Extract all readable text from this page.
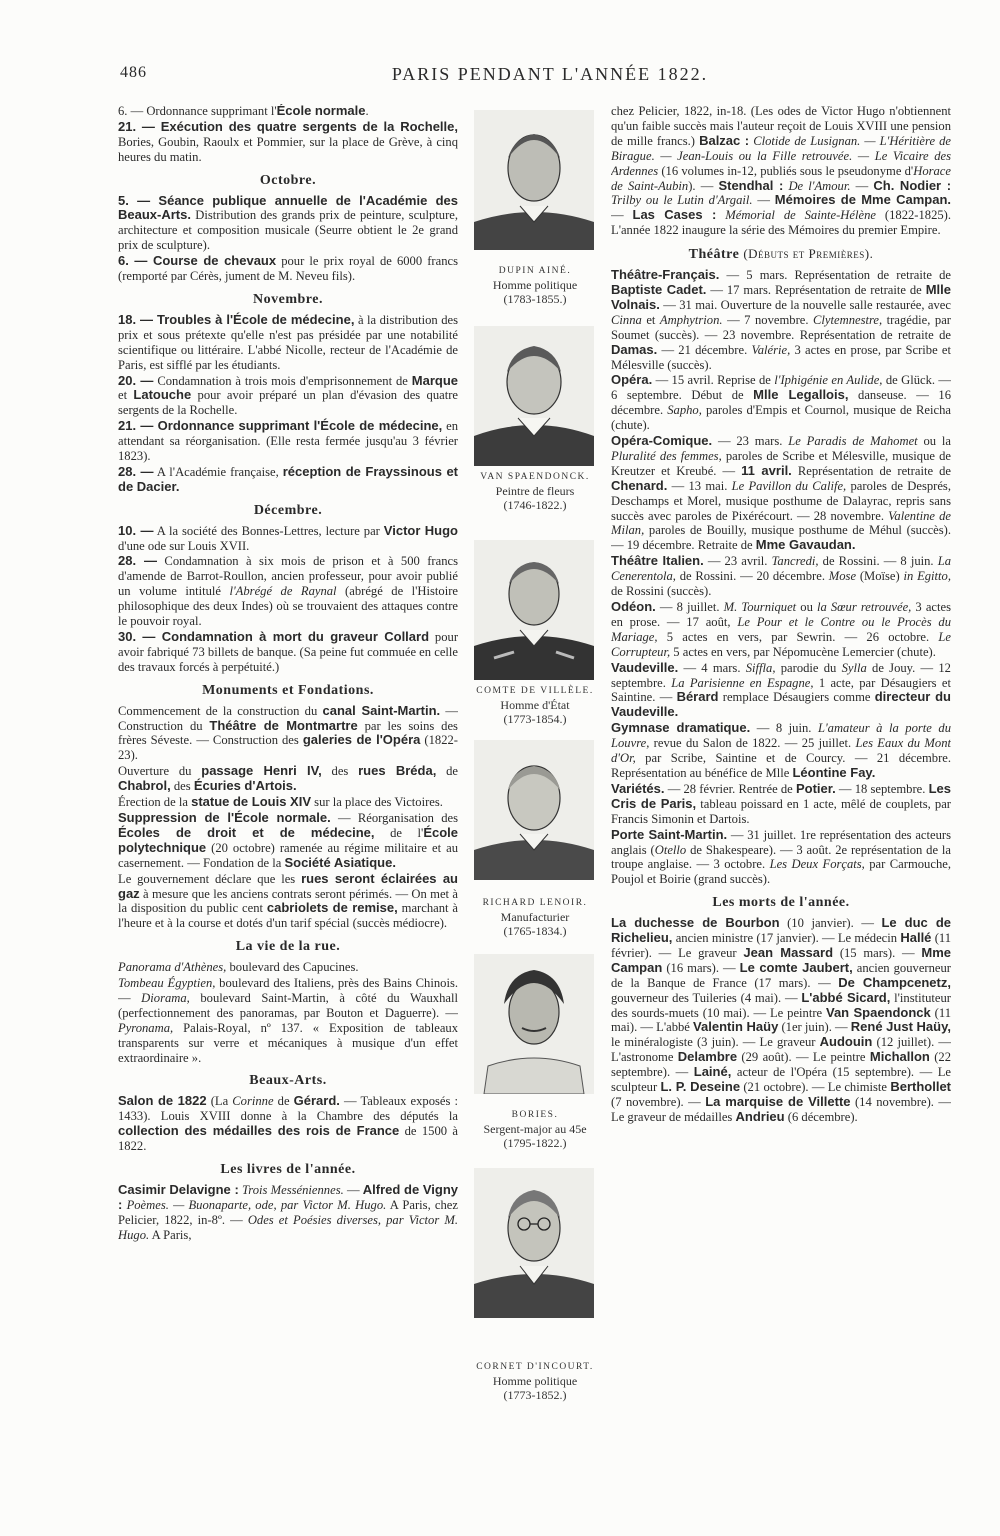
486	PARIS PENDANT L'ANNÉE 1822.

6. — Ordonnance supprimant l'École normale.

21. — Exécution des quatre sergents de la Rochelle, Bories, Goubin, Raoulx et Pommier, sur la place de Grève, à cinq heures du matin.

Octobre.

5. — Séance publique annuelle de l'Académie des Beaux-Arts. Distribution des grands prix de peinture, sculpture, architecture et composition musicale (Seurre obtient le 2e grand prix de sculpture).

6. — Course de chevaux pour le prix royal de 6000 francs (remporté par Cérès, jument de M. Neveu fils).

Novembre.

18. — Troubles à l'École de médecine, à la distribution des prix et sous prétexte qu'elle n'est pas présidée par une notabilité scientifique ou littéraire. L'abbé Nicolle, recteur de l'Académie de Paris, est sifflé par les étudiants.

20. — Condamnation à trois mois d'emprisonnement de Marque et Latouche pour avoir préparé un plan d'évasion des quatre sergents de la Rochelle.

21. — Ordonnance supprimant l'École de médecine, en attendant sa réorganisation. (Elle resta fermée jusqu'au 3 février 1823).

28. — A l'Académie française, réception de Frayssinous et de Dacier.

Décembre.

10. — A la société des Bonnes-Lettres, lecture par Victor Hugo d'une ode sur Louis XVII.

28. — Condamnation à six mois de prison et à 500 francs d'amende de Barrot-Roullon, ancien professeur, pour avoir publié un volume intitulé l'Abrégé de Raynal (abrégé de l'Histoire philosophique des deux Indes) où se trouvaient des attaques contre le pouvoir royal.

30. — Condamnation à mort du graveur Collard pour avoir fabriqué 73 billets de banque. (Sa peine fut commuée en celle des travaux forcés à perpétuité.)

Monuments et Fondations.

Commencement de la construction du canal Saint-Martin. — Construction du Théâtre de Montmartre par les soins des frères Séveste. — Construction des galeries de l'Opéra (1822-23).

Ouverture du passage Henri IV, des rues Bréda, de Chabrol, des Écuries d'Artois.

Érection de la statue de Louis XIV sur la place des Victoires.

Suppression de l'École normale. — Réorganisation des Écoles de droit et de médecine, de l'École polytechnique (20 octobre) ramenée au régime militaire et au casernement. — Fondation de la Société Asiatique.

Le gouvernement déclare que les rues seront éclairées au gaz à mesure que les anciens contrats seront périmés. — On met à la disposition du public cent cabriolets de remise, marchant à l'heure et à la course et dotés d'un tarif spécial (succès médiocre).

La vie de la rue.

Panorama d'Athènes, boulevard des Capucines.

Tombeau Égyptien, boulevard des Italiens, près des Bains Chinois. — Diorama, boulevard Saint-Martin, à côté du Wauxhall (perfectionnement des panoramas, par Bouton et Daguerre). — Pyronama, Palais-Royal, nº 137. « Exposition de tableaux transparents sur verre et mécaniques à musique d'un effet extraordinaire ».

Beaux-Arts.

Salon de 1822 (La Corinne de Gérard. — Tableaux exposés : 1433). Louis XVIII donne à la Chambre des députés la collection des médailles des rois de France de 1500 à 1822.

Les livres de l'année.

Casimir Delavigne : Trois Messéniennes. — Alfred de Vigny : Poèmes. — Buonaparte, ode, par Victor M. Hugo. A Paris, chez Pelicier, 1822, in-8º. — Odes et Poésies diverses, par Victor M. Hugo. A Paris,

DUPIN AINÉ.
Homme politique
(1783-1855.)
VAN SPAENDONCK.
Peintre de fleurs
(1746-1822.)
COMTE DE VILLÈLE.
Homme d'État
(1773-1854.)
RICHARD LENOIR.
Manufacturier
(1765-1834.)
BORIES.
Sergent-major au 45e
(1795-1822.)
CORNET D'INCOURT.
Homme politique
(1773-1852.)

chez Pelicier, 1822, in-18. (Les odes de Victor Hugo n'obtiennent qu'un faible succès mais l'auteur reçoit de Louis XVIII une pension de mille francs.) Balzac : Clotide de Lusignan. — L'Héritière de Birague. — Jean-Louis ou la Fille retrouvée. — Le Vicaire des Ardennes (16 volumes in-12, publiés sous le pseudonyme d'Horace de Saint-Aubin). — Stendhal : De l'Amour. — Ch. Nodier : Trilby ou le Lutin d'Argail. — Mémoires de Mme Campan. — Las Cases : Mémorial de Sainte-Hélène (1822-1825). L'année 1822 inaugure la série des Mémoires du premier Empire.

Théâtre (Débuts et Premières).

Théâtre-Français. — 5 mars. Représentation de retraite de Baptiste Cadet. — 17 mars. Représentation de retraite de Mlle Volnais. — 31 mai. Ouverture de la nouvelle salle restaurée, avec Cinna et Amphytrion. — 7 novembre. Clytemnestre, tragédie, par Soumet (succès). — 23 novembre. Représentation de retraite de Damas. — 21 décembre. Valérie, 3 actes en prose, par Scribe et Mélesville (succès).

Opéra. — 15 avril. Reprise de l'Iphigénie en Aulide, de Glück. — 6 septembre. Début de Mlle Legallois, danseuse. — 16 décembre. Sapho, paroles d'Empis et Cournol, musique de Reicha (chute).

Opéra-Comique. — 23 mars. Le Paradis de Mahomet ou la Pluralité des femmes, paroles de Scribe et Mélesville, musique de Kreutzer et Kreubé. — 11 avril. Représentation de retraite de Chenard. — 13 mai. Le Pavillon du Calife, paroles de Després, Deschamps et Morel, musique posthume de Dalayrac, repris sans succès avec paroles de Pixérécourt. — 28 novembre. Valentine de Milan, paroles de Bouilly, musique posthume de Méhul (succès). — 19 décembre. Retraite de Mme Gavaudan.

Théâtre Italien. — 23 avril. Tancredi, de Rossini. — 8 juin. La Cenerentola, de Rossini. — 20 décembre. Mose (Moïse) in Egitto, de Rossini (succès).

Odéon. — 8 juillet. M. Tourniquet ou la Sœur retrouvée, 3 actes en prose. — 17 août, Le Pour et le Contre ou le Procès du Mariage, 5 actes en vers, par Sewrin. — 26 octobre. Le Corrupteur, 5 actes en vers, par Népomucène Lemercier (chute).

Vaudeville. — 4 mars. Siffla, parodie du Sylla de Jouy. — 12 septembre. La Parisienne en Espagne, 1 acte, par Désaugiers et Saintine. — Bérard remplace Désaugiers comme directeur du Vaudeville.

Gymnase dramatique. — 8 juin. L'amateur à la porte du Louvre, revue du Salon de 1822. — 25 juillet. Les Eaux du Mont d'Or, par Scribe, Saintine et de Courcy. — 21 décembre. Représentation au bénéfice de Mlle Léontine Fay.

Variétés. — 28 février. Rentrée de Potier. — 18 septembre. Les Cris de Paris, tableau poissard en 1 acte, mêlé de couplets, par Francis Simonin et Dartois.

Porte Saint-Martin. — 31 juillet. 1re représentation des acteurs anglais (Otello de Shakespeare). — 3 août. 2e représentation de la troupe anglaise. — 3 octobre. Les Deux Forçats, par Carmouche, Poujol et Boirie (grand succès).

Les morts de l'année.

La duchesse de Bourbon (10 janvier). — Le duc de Richelieu, ancien ministre (17 janvier). — Le médecin Hallé (11 février). — Le graveur Jean Massard (15 mars). — Mme Campan (16 mars). — Le comte Jaubert, ancien gouverneur de la Banque de France (17 mars). — De Champcenetz, gouverneur des Tuileries (4 mai). — L'abbé Sicard, l'instituteur des sourds-muets (10 mai). — Le peintre Van Spaendonck (11 mai). — L'abbé Valentin Haüy (1er juin). — René Just Haüy, le minéralogiste (3 juin). — Le graveur Audouin (12 juillet). — L'astronome Delambre (29 août). — Le peintre Michallon (22 septembre). — Lainé, acteur de l'Opéra (15 septembre). — Le sculpteur L. P. Deseine (21 octobre). — Le chimiste Berthollet (7 novembre). — La marquise de Villette (14 novembre). — Le graveur de médailles Andrieu (6 décembre).
